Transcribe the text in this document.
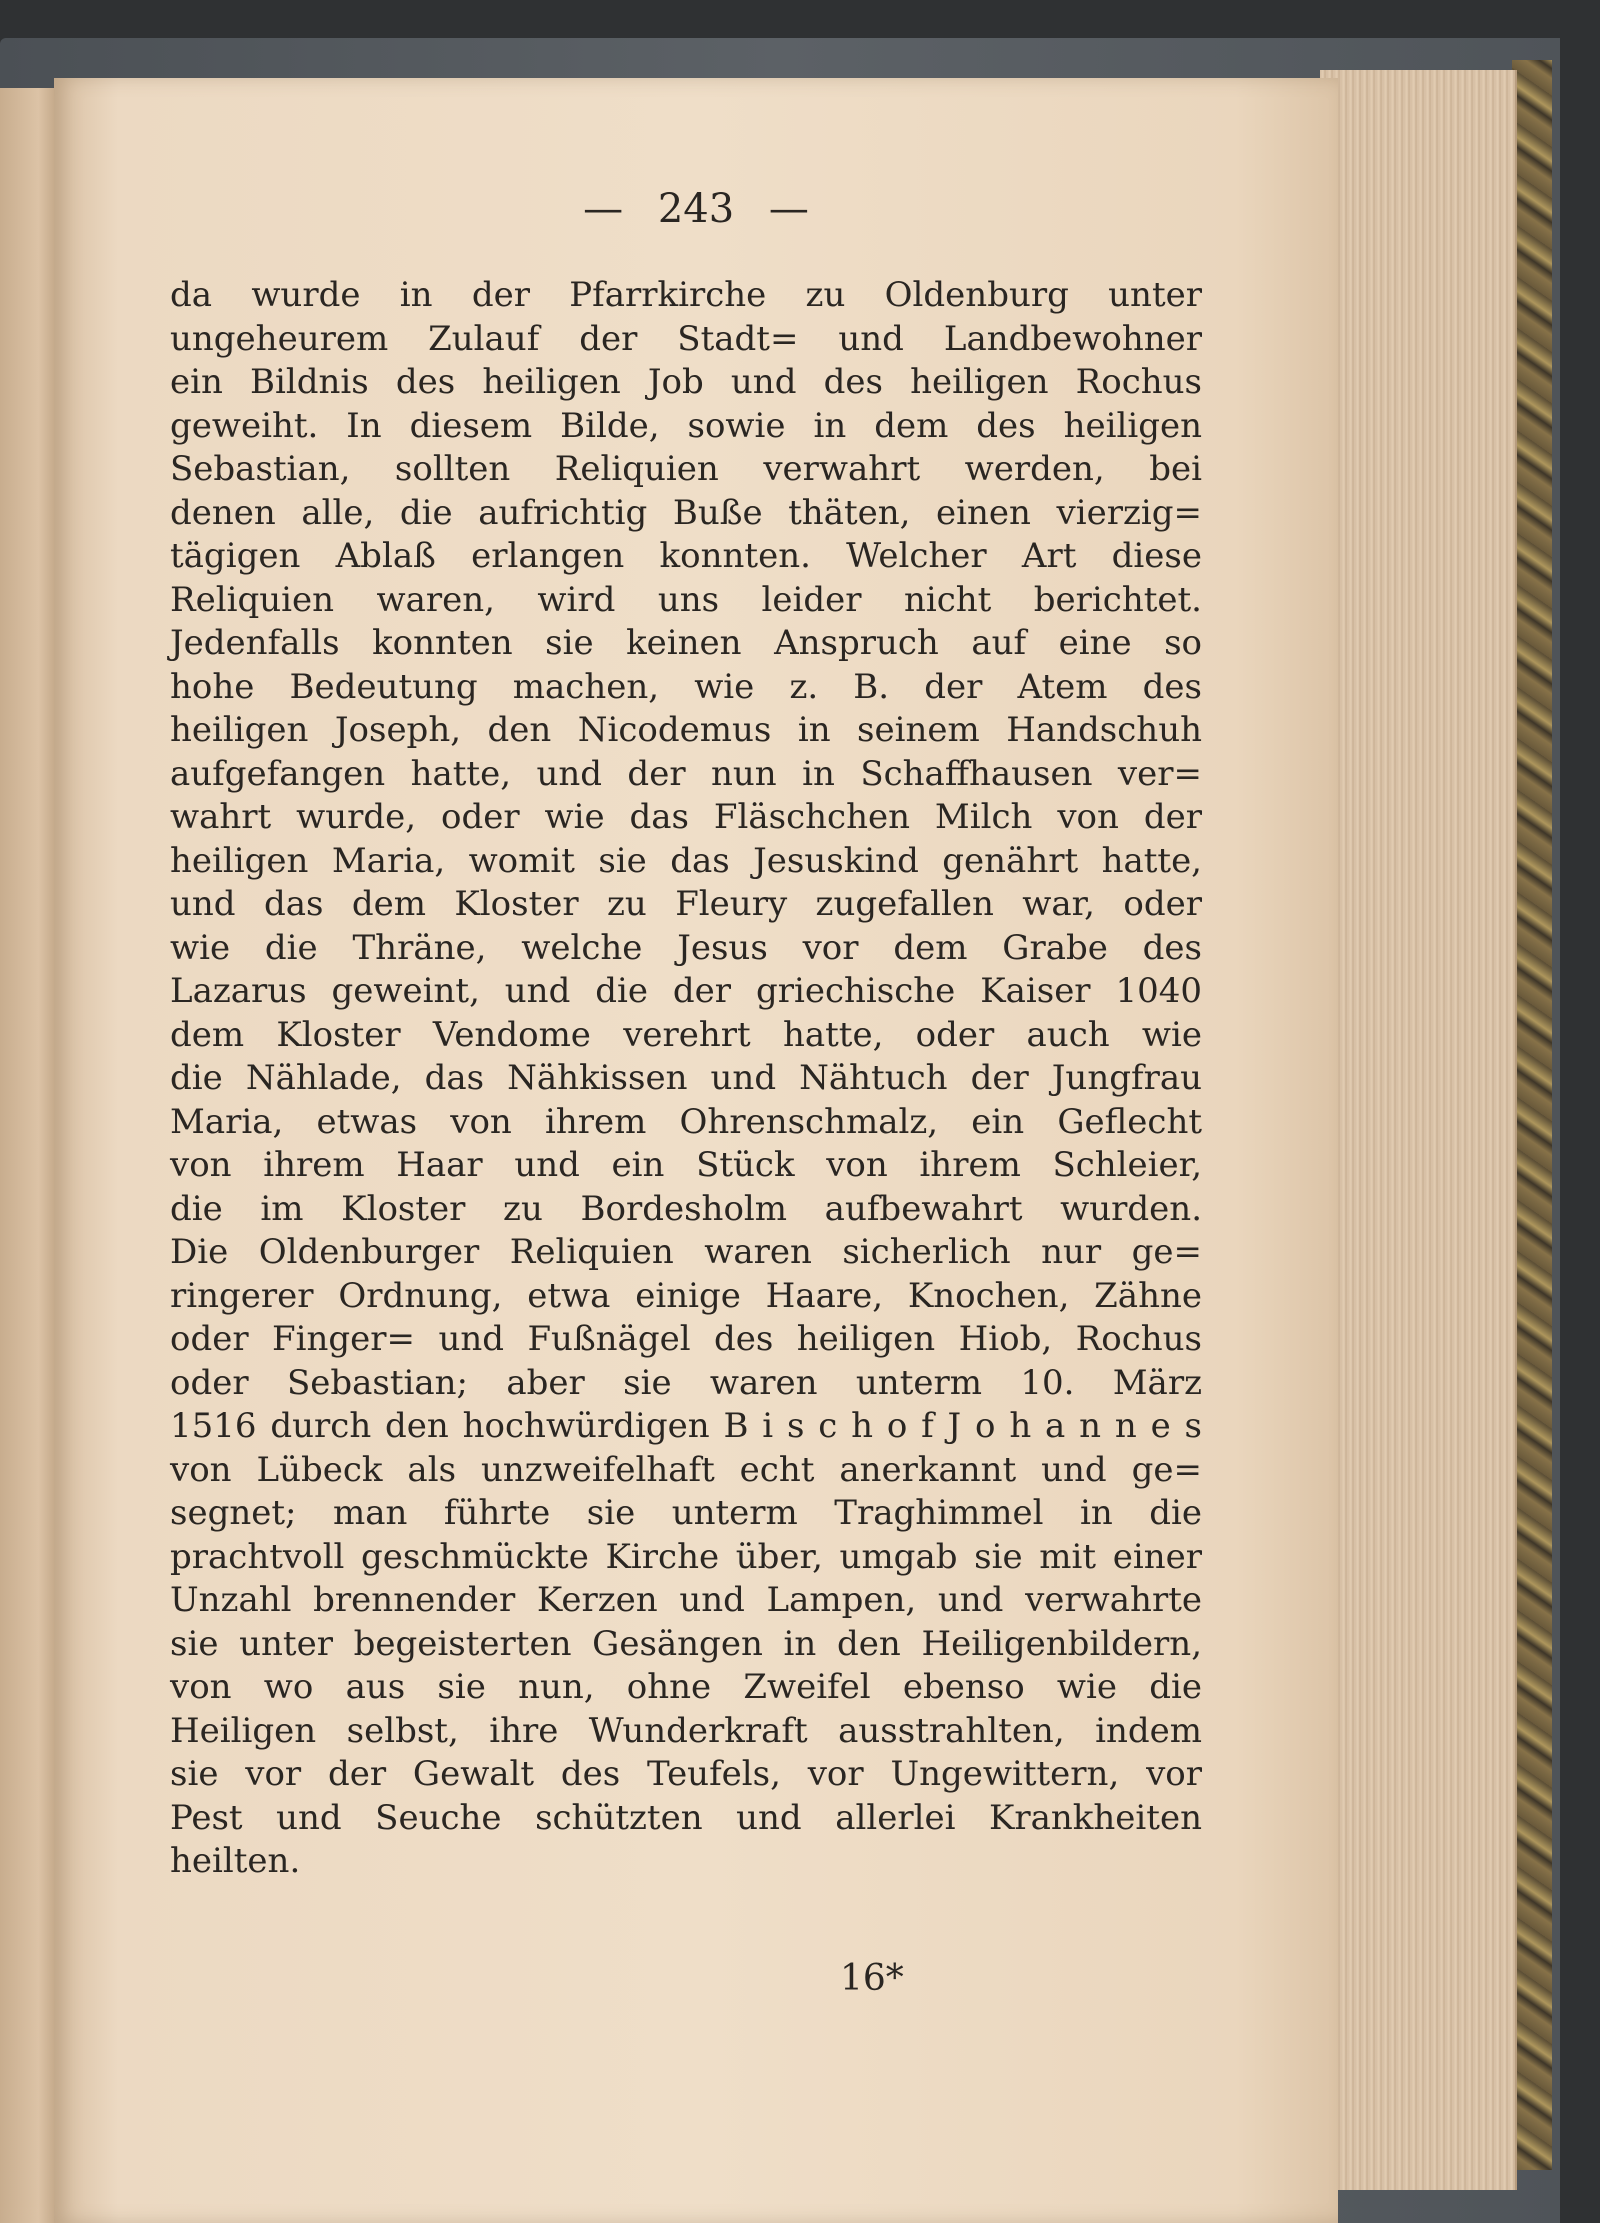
— 243 —
da wurde in der Pfarrkirche zu Oldenburg unter
ungeheurem Zulauf der Stadt= und Landbewohner
ein Bildnis des heiligen Job und des heiligen Rochus
geweiht. In diesem Bilde, sowie in dem des heiligen
Sebastian, sollten Reliquien verwahrt werden, bei
denen alle, die aufrichtig Buße thäten, einen vierzig=
tägigen Ablaß erlangen konnten. Welcher Art diese
Reliquien waren, wird uns leider nicht berichtet.
Jedenfalls konnten sie keinen Anspruch auf eine so
hohe Bedeutung machen, wie z. B. der Atem des
heiligen Joseph, den Nicodemus in seinem Handschuh
aufgefangen hatte, und der nun in Schaffhausen ver=
wahrt wurde, oder wie das Fläschchen Milch von der
heiligen Maria, womit sie das Jesuskind genährt hatte,
und das dem Kloster zu Fleury zugefallen war, oder
wie die Thräne, welche Jesus vor dem Grabe des
Lazarus geweint, und die der griechische Kaiser 1040
dem Kloster Vendome verehrt hatte, oder auch wie
die Nählade, das Nähkissen und Nähtuch der Jungfrau
Maria, etwas von ihrem Ohrenschmalz, ein Geflecht
von ihrem Haar und ein Stück von ihrem Schleier,
die im Kloster zu Bordesholm aufbewahrt wurden.
Die Oldenburger Reliquien waren sicherlich nur ge=
ringerer Ordnung, etwa einige Haare, Knochen, Zähne
oder Finger= und Fußnägel des heiligen Hiob, Rochus
oder Sebastian; aber sie waren unterm 10. März
1516 durch den hochwürdigen B i s c h o f J o h a n n e s
von Lübeck als unzweifelhaft echt anerkannt und ge=
segnet; man führte sie unterm Traghimmel in die
prachtvoll geschmückte Kirche über, umgab sie mit einer
Unzahl brennender Kerzen und Lampen, und verwahrte
sie unter begeisterten Gesängen in den Heiligenbildern,
von wo aus sie nun, ohne Zweifel ebenso wie die
Heiligen selbst, ihre Wunderkraft ausstrahlten, indem
sie vor der Gewalt des Teufels, vor Ungewittern, vor
Pest und Seuche schützten und allerlei Krankheiten
heilten.
16*
